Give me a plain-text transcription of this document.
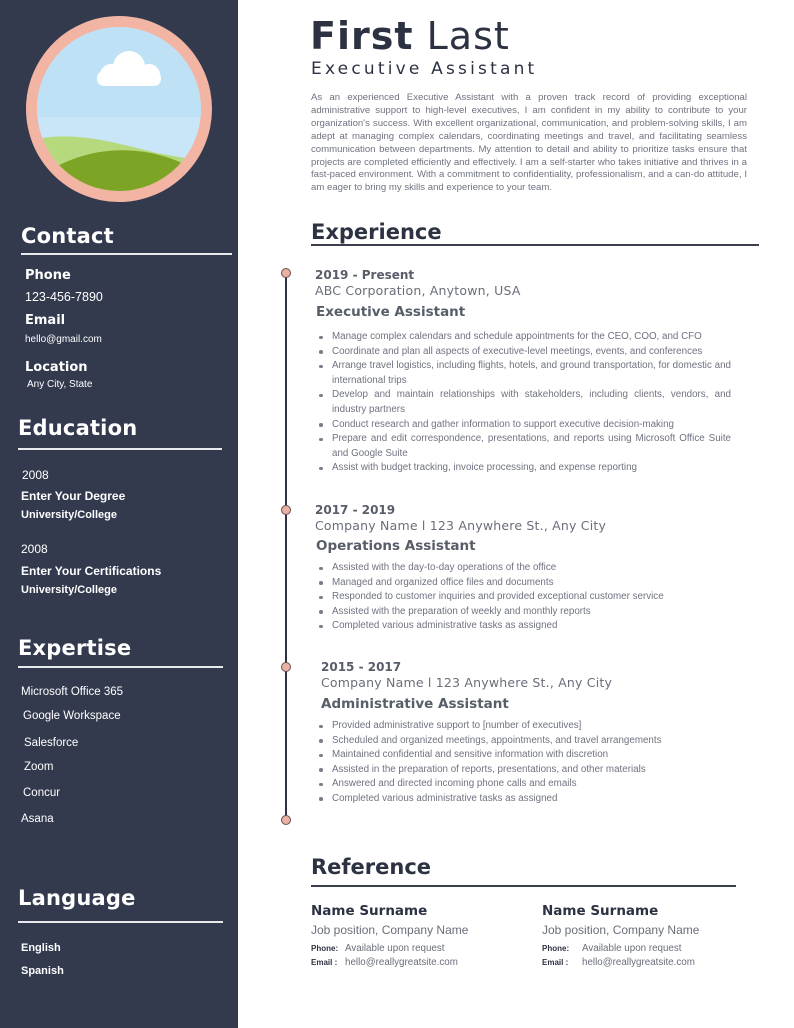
Contact
Phone
123-456-7890
Email
hello@gmail.com
Location
Any City, State
Education
2008
Enter Your Degree
University/College
2008
Enter Your Certifications
University/College
Expertise
Microsoft Office 365
Google Workspace
Salesforce
Zoom
Concur
Asana
Language
English
Spanish
First Last
Executive Assistant

As an experienced Executive Assistant with a proven track record of providing exceptional administrative support to high-level executives, I am confident in my ability to contribute to your organization's success. With excellent organizational, communication, and problem-solving skills, I am adept at managing complex calendars, coordinating meetings and travel, and facilitating seamless communication between departments. My attention to detail and ability to prioritize tasks ensure that projects are completed efficiently and effectively. I am a self-starter who takes initiative and thrives in a fast-paced environment. With a commitment to confidentiality, professionalism, and a can-do attitude, I am eager to bring my skills and experience to your team.

Experience
2019 - Present
ABC Corporation, Anytown, USA
Executive Assistant
Manage complex calendars and schedule appointments for the CEO, COO, and CFO
Coordinate and plan all aspects of executive-level meetings, events, and conferences
Arrange travel logistics, including flights, hotels, and ground transportation, for domestic and international trips
Develop and maintain relationships with stakeholders, including clients, vendors, and industry partners
Conduct research and gather information to support executive decision-making
Prepare and edit correspondence, presentations, and reports using Microsoft Office Suite and Google Suite
Assist with budget tracking, invoice processing, and expense reporting
2017 - 2019
Company Name l 123 Anywhere St., Any City
Operations Assistant
Assisted with the day-to-day operations of the office
Managed and organized office files and documents
Responded to customer inquiries and provided exceptional customer service
Assisted with the preparation of weekly and monthly reports
Completed various administrative tasks as assigned
2015 - 2017
Company Name l 123 Anywhere St., Any City
Administrative Assistant
Provided administrative support to [number of executives]
Scheduled and organized meetings, appointments, and travel arrangements
Maintained confidential and sensitive information with discretion
Assisted in the preparation of reports, presentations, and other materials
Answered and directed incoming phone calls and emails
Completed various administrative tasks as assigned
Reference
Name Surname
Job position, Company Name
Phone: Available upon request
Email : hello@reallygreatsite.com
Name Surname
Job position, Company Name
Phone: Available upon request
Email : hello@reallygreatsite.com
